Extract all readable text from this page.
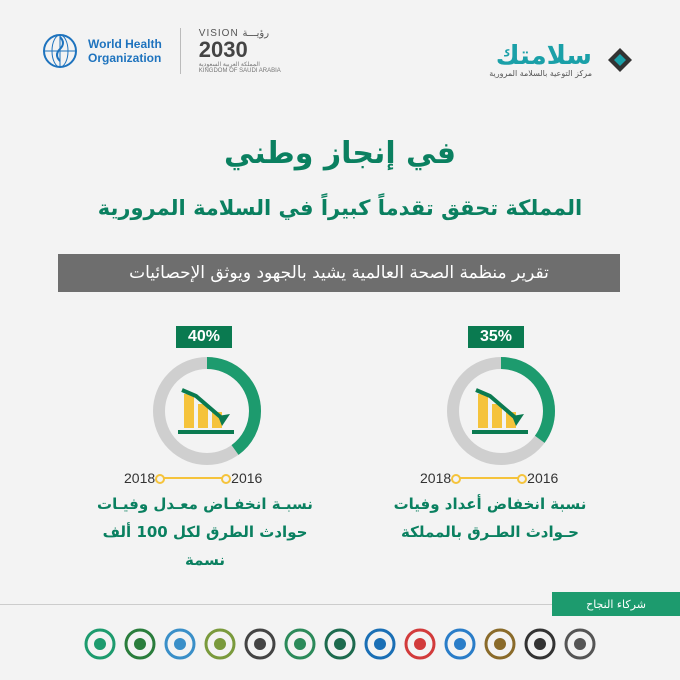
World Health
Organization
VISION رؤيـــة
2030
المملكة العربية السعودية
KINGDOM OF SAUDI ARABIA
سلامتك
مركز التوعية بالسلامة المرورية
في إنجاز وطني
المملكة تحقق تقدماً كبيراً في السلامة المرورية
تقرير منظمة الصحة العالمية يشيد بالجهود ويوثق الإحصائيات
40%
2018	2016
نسبـة انخفـاض معـدل وفيـات
حوادث الطرق لكل 100 ألف نسمة
35%
2018	2016
نسبة انخفاض أعداد وفيات
حـوادث الطـرق بالمملكة
شركاء النجاح
